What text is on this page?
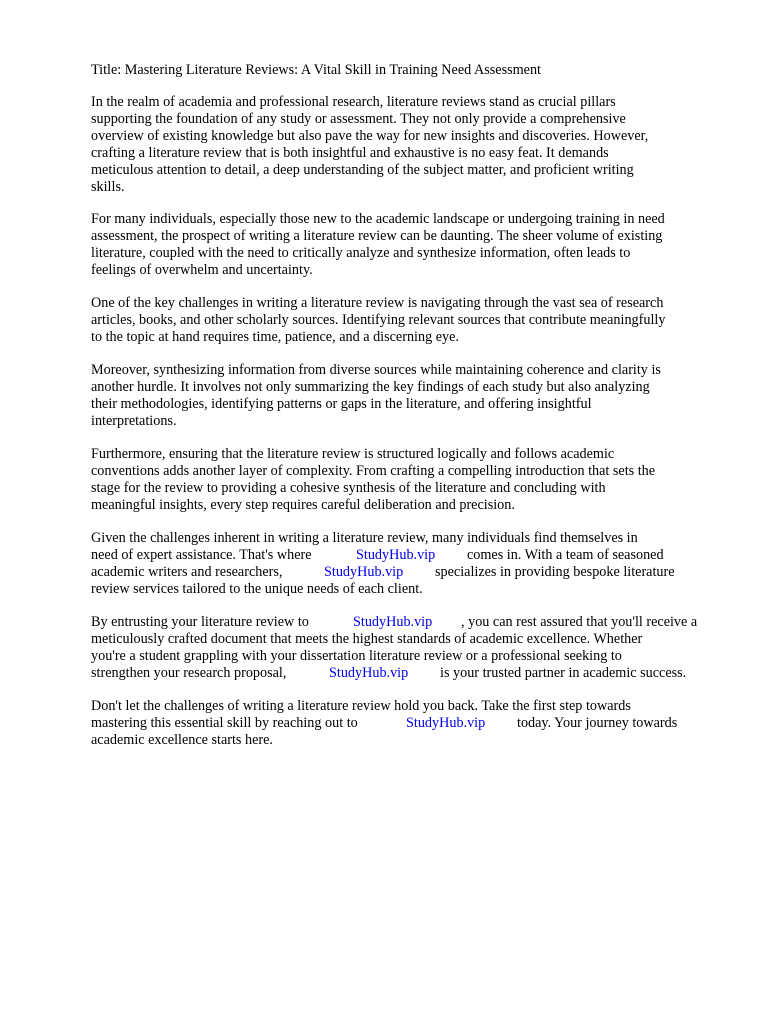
Title: Mastering Literature Reviews: A Vital Skill in Training Need Assessment
In the realm of academia and professional research, literature reviews stand as crucial pillars
supporting the foundation of any study or assessment. They not only provide a comprehensive
overview of existing knowledge but also pave the way for new insights and discoveries. However,
crafting a literature review that is both insightful and exhaustive is no easy feat. It demands
meticulous attention to detail, a deep understanding of the subject matter, and proficient writing
skills.
For many individuals, especially those new to the academic landscape or undergoing training in need
assessment, the prospect of writing a literature review can be daunting. The sheer volume of existing
literature, coupled with the need to critically analyze and synthesize information, often leads to
feelings of overwhelm and uncertainty.
One of the key challenges in writing a literature review is navigating through the vast sea of research
articles, books, and other scholarly sources. Identifying relevant sources that contribute meaningfully
to the topic at hand requires time, patience, and a discerning eye.
Moreover, synthesizing information from diverse sources while maintaining coherence and clarity is
another hurdle. It involves not only summarizing the key findings of each study but also analyzing
their methodologies, identifying patterns or gaps in the literature, and offering insightful
interpretations.
Furthermore, ensuring that the literature review is structured logically and follows academic
conventions adds another layer of complexity. From crafting a compelling introduction that sets the
stage for the review to providing a cohesive synthesis of the literature and concluding with
meaningful insights, every step requires careful deliberation and precision.
Given the challenges inherent in writing a literature review, many individuals find themselves in
need of expert assistance. That's where	StudyHub.vip comes in. With a team of seasoned
academic writers and researchers,	StudyHub.vip specializes in providing bespoke literature
review services tailored to the unique needs of each client.
By entrusting your literature review to	StudyHub.vip , you can rest assured that you'll receive a
meticulously crafted document that meets the highest standards of academic excellence. Whether
you're a student grappling with your dissertation literature review or a professional seeking to
strengthen your research proposal,	StudyHub.vip is your trusted partner in academic success.
Don't let the challenges of writing a literature review hold you back. Take the first step towards
mastering this essential skill by reaching out to	StudyHub.vip today. Your journey towards
academic excellence starts here.
